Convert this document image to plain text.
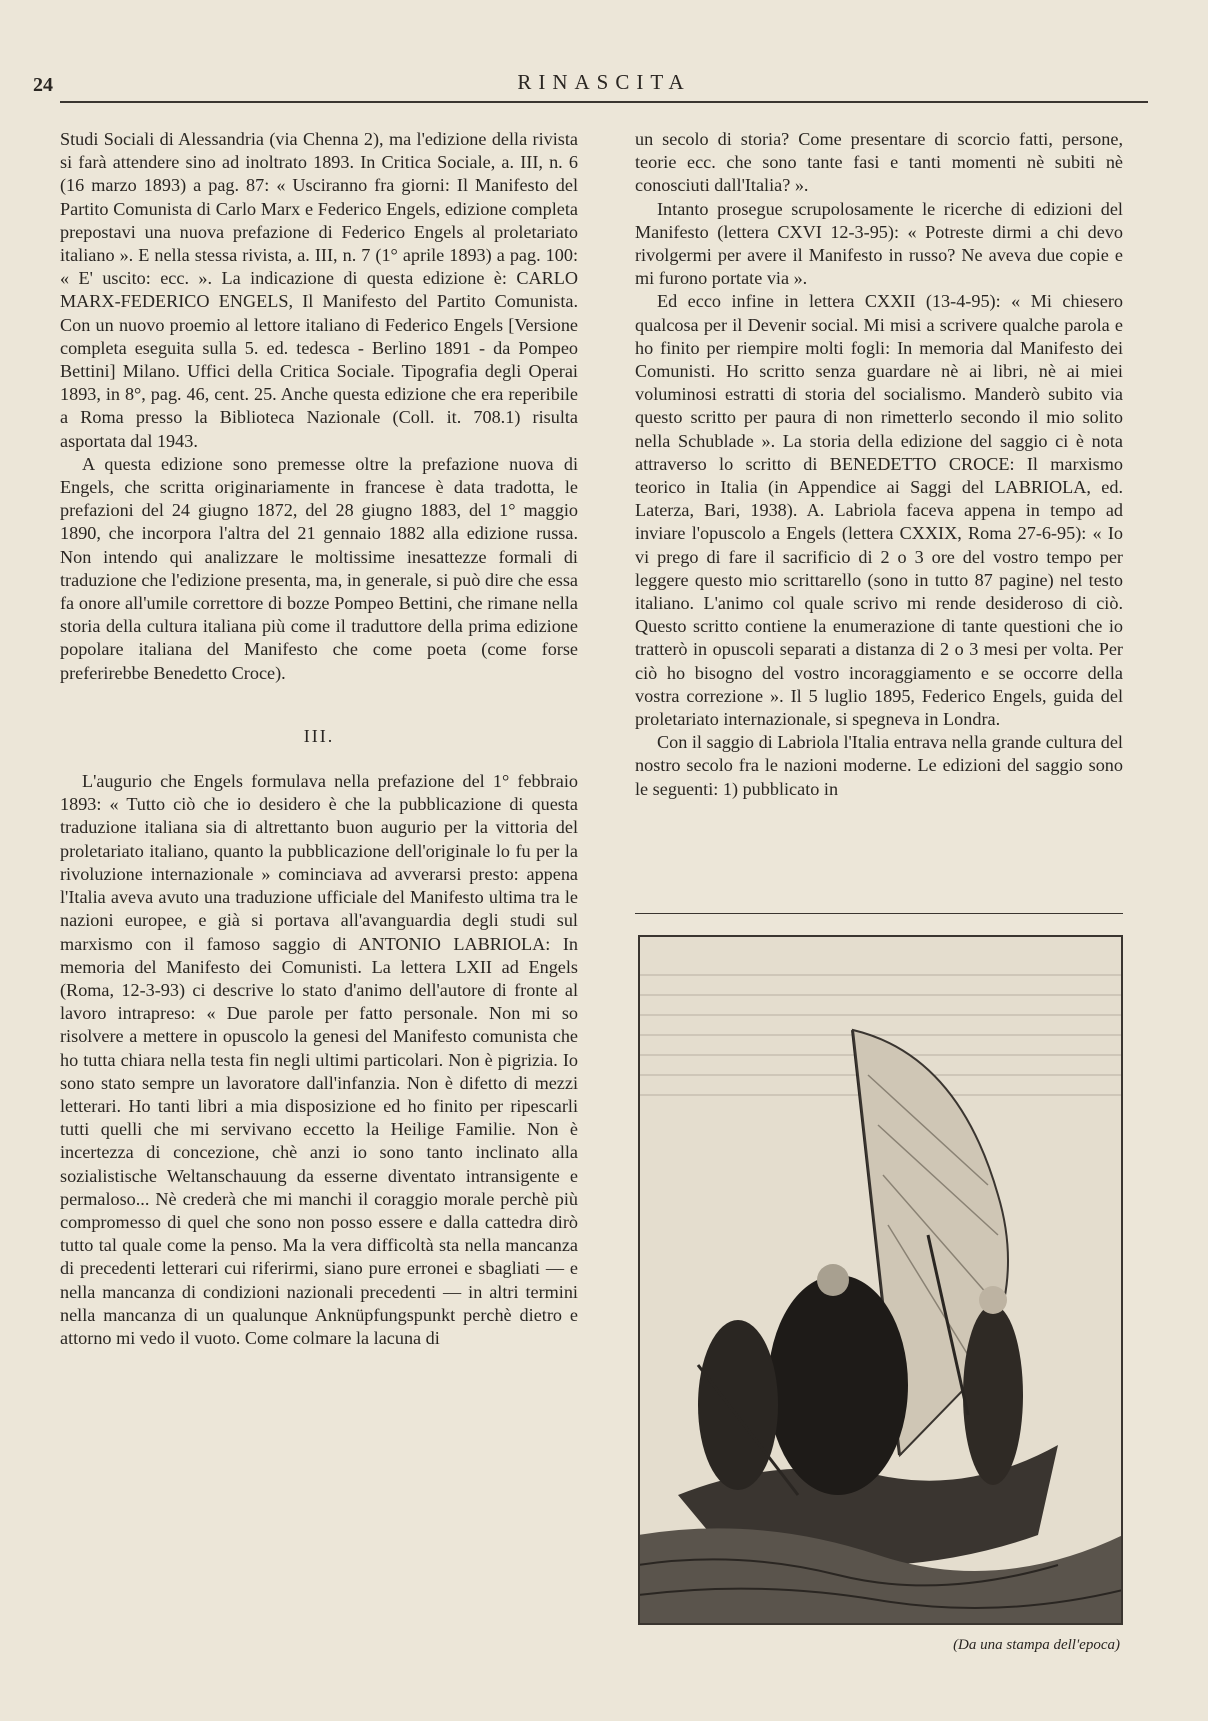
24	RINASCITA

Studi Sociali di Alessandria (via Chenna 2), ma l'edizione della rivista si farà attendere sino ad inoltrato 1893. In Critica Sociale, a. III, n. 6 (16 marzo 1893) a pag. 87: « Usciranno fra giorni: Il Manifesto del Partito Comunista di Carlo Marx e Federico Engels, edizione completa prepostavi una nuova prefazione di Federico Engels al proletariato italiano ». E nella stessa rivista, a. III, n. 7 (1° aprile 1893) a pag. 100: « E' uscito: ecc. ». La indicazione di questa edizione è: CARLO MARX-FEDERICO ENGELS, Il Manifesto del Partito Comunista. Con un nuovo proemio al lettore italiano di Federico Engels [Versione completa eseguita sulla 5. ed. tedesca - Berlino 1891 - da Pompeo Bettini] Milano. Uffici della Critica Sociale. Tipografia degli Operai 1893, in 8°, pag. 46, cent. 25. Anche questa edizione che era reperibile a Roma presso la Biblioteca Nazionale (Coll. it. 708.1) risulta asportata dal 1943.

A questa edizione sono premesse oltre la prefazione nuova di Engels, che scritta originariamente in francese è data tradotta, le prefazioni del 24 giugno 1872, del 28 giugno 1883, del 1° maggio 1890, che incorpora l'altra del 21 gennaio 1882 alla edizione russa. Non intendo qui analizzare le moltissime inesattezze formali di traduzione che l'edizione presenta, ma, in generale, si può dire che essa fa onore all'umile correttore di bozze Pompeo Bettini, che rimane nella storia della cultura italiana più come il traduttore della prima edizione popolare italiana del Manifesto che come poeta (come forse preferirebbe Benedetto Croce).

III.

L'augurio che Engels formulava nella prefazione del 1° febbraio 1893: « Tutto ciò che io desidero è che la pubblicazione di questa traduzione italiana sia di altrettanto buon augurio per la vittoria del proletariato italiano, quanto la pubblicazione dell'originale lo fu per la rivoluzione internazionale » cominciava ad avverarsi presto: appena l'Italia aveva avuto una traduzione ufficiale del Manifesto ultima tra le nazioni europee, e già si portava all'avanguardia degli studi sul marxismo con il famoso saggio di ANTONIO LABRIOLA: In memoria del Manifesto dei Comunisti. La lettera LXII ad Engels (Roma, 12-3-93) ci descrive lo stato d'animo dell'autore di fronte al lavoro intrapreso: « Due parole per fatto personale. Non mi so risolvere a mettere in opuscolo la genesi del Manifesto comunista che ho tutta chiara nella testa fin negli ultimi particolari. Non è pigrizia. Io sono stato sempre un lavoratore dall'infanzia. Non è difetto di mezzi letterari. Ho tanti libri a mia disposizione ed ho finito per ripescarli tutti quelli che mi servivano eccetto la Heilige Familie. Non è incertezza di concezione, chè anzi io sono tanto inclinato alla sozialistische Weltanschauung da esserne diventato intransigente e permaloso... Nè crederà che mi manchi il coraggio morale perchè più compromesso di quel che sono non posso essere e dalla cattedra dirò tutto tal quale come la penso. Ma la vera difficoltà sta nella mancanza di precedenti letterari cui riferirmi, siano pure erronei e sbagliati — e nella mancanza di condizioni nazionali precedenti — in altri termini nella mancanza di un qualunque Anknüpfungspunkt perchè dietro e attorno mi vedo il vuoto. Come colmare la lacuna di

un secolo di storia? Come presentare di scorcio fatti, persone, teorie ecc. che sono tante fasi e tanti momenti nè subiti nè conosciuti dall'Italia? ».

Intanto prosegue scrupolosamente le ricerche di edizioni del Manifesto (lettera CXVI 12-3-95): « Potreste dirmi a chi devo rivolgermi per avere il Manifesto in russo? Ne aveva due copie e mi furono portate via ».

Ed ecco infine in lettera CXXII (13-4-95): « Mi chiesero qualcosa per il Devenir social. Mi misi a scrivere qualche parola e ho finito per riempire molti fogli: In memoria dal Manifesto dei Comunisti. Ho scritto senza guardare nè ai libri, nè ai miei voluminosi estratti di storia del socialismo. Manderò subito via questo scritto per paura di non rimetterlo secondo il mio solito nella Schublade ». La storia della edizione del saggio ci è nota attraverso lo scritto di BENEDETTO CROCE: Il marxismo teorico in Italia (in Appendice ai Saggi del LABRIOLA, ed. Laterza, Bari, 1938). A. Labriola faceva appena in tempo ad inviare l'opuscolo a Engels (lettera CXXIX, Roma 27-6-95): « Io vi prego di fare il sacrificio di 2 o 3 ore del vostro tempo per leggere questo mio scrittarello (sono in tutto 87 pagine) nel testo italiano. L'animo col quale scrivo mi rende desideroso di ciò. Questo scritto contiene la enumerazione di tante questioni che io tratterò in opuscoli separati a distanza di 2 o 3 mesi per volta. Per ciò ho bisogno del vostro incoraggiamento e se occorre della vostra correzione ». Il 5 luglio 1895, Federico Engels, guida del proletariato internazionale, si spegneva in Londra.

Con il saggio di Labriola l'Italia entrava nella grande cultura del nostro secolo fra le nazioni moderne. Le edizioni del saggio sono le seguenti: 1) pubblicato in

(Da una stampa dell'epoca)
